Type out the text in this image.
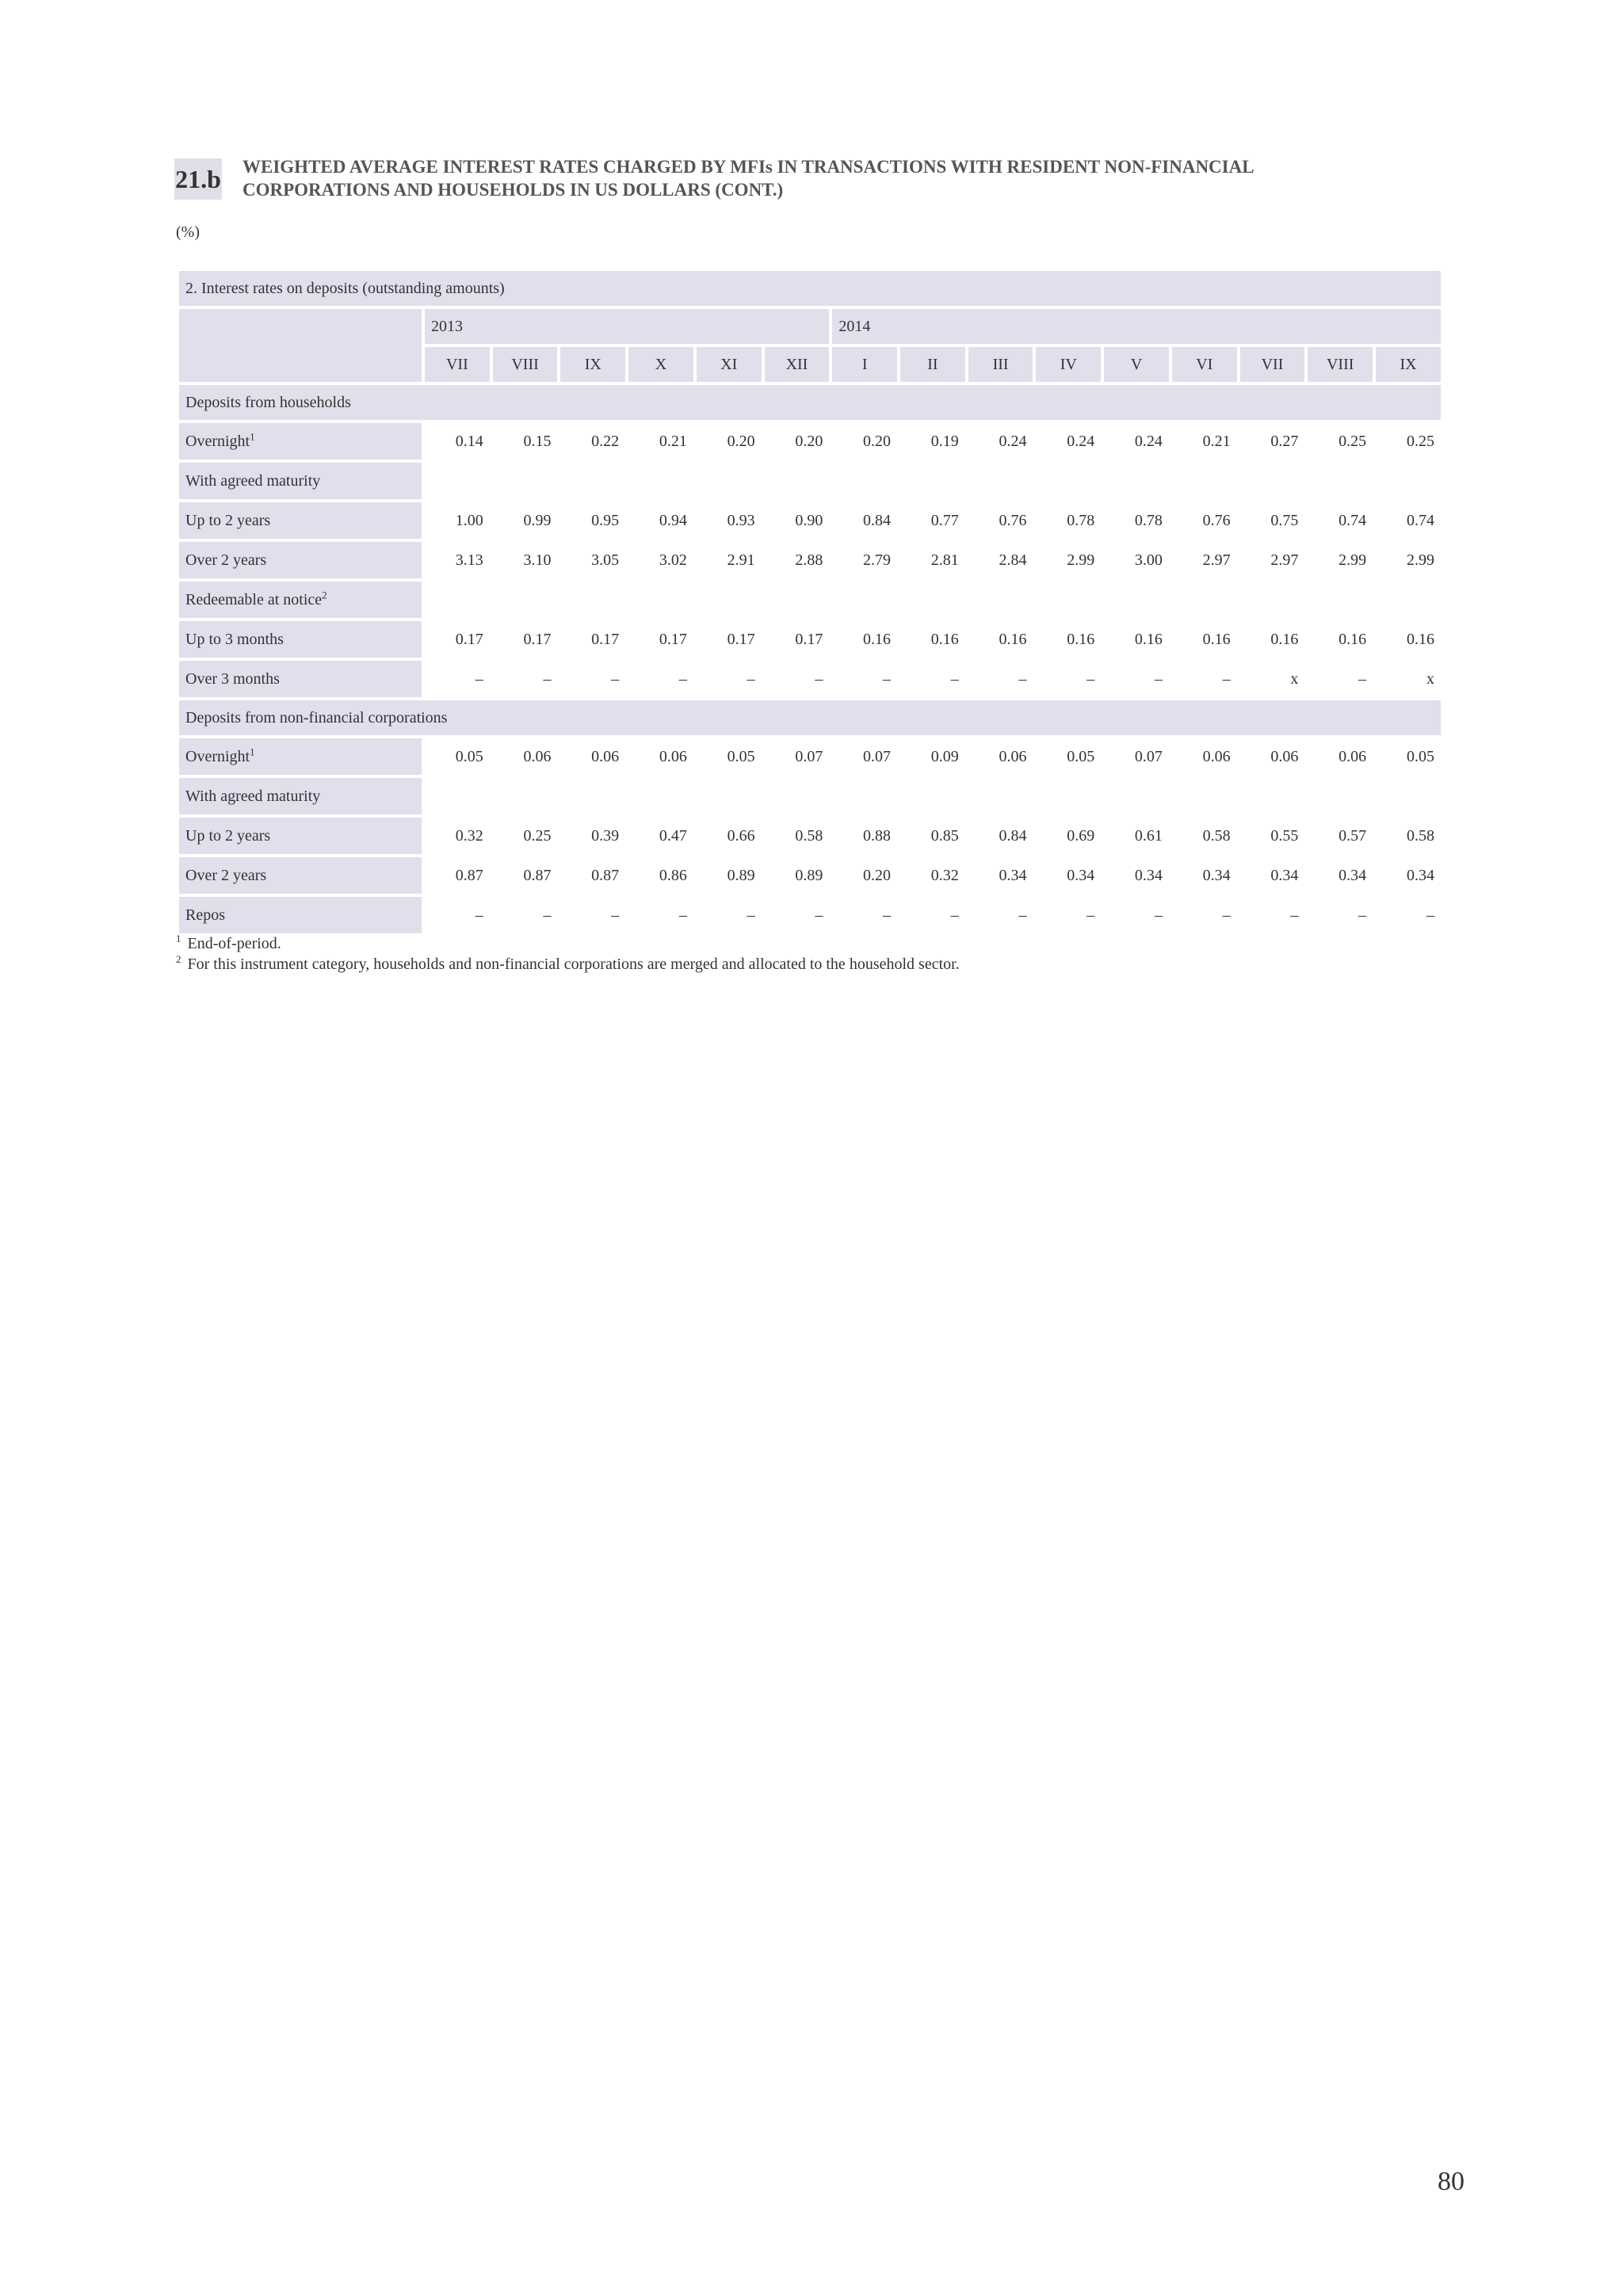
21.b WEIGHTED AVERAGE INTEREST RATES CHARGED BY MFIs IN TRANSACTIONS WITH RESIDENT NON-FINANCIAL
CORPORATIONS AND HOUSEHOLDS IN US DOLLARS (CONT.)
(%)
2. Interest rates on deposits (outstanding amounts)															
	2013						2014								
	VII	VIII	IX	X	XI	XII	I	II	III	IV	V	VI	VII	VIII	IX
Deposits from households															
Overnight$^1$	0.14	0.15	0.22	0.21	0.20	0.20	0.20	0.19	0.24	0.24	0.24	0.21	0.27	0.25	0.25
With agreed maturity															
Up to 2 years	1.00	0.99	0.95	0.94	0.93	0.90	0.84	0.77	0.76	0.78	0.78	0.76	0.75	0.74	0.74
Over 2 years	3.13	3.10	3.05	3.02	2.91	2.88	2.79	2.81	2.84	2.99	3.00	2.97	2.97	2.99	2.99
Redeemable at notice$^2$															
Up to 3 months	0.17	0.17	0.17	0.17	0.17	0.17	0.16	0.16	0.16	0.16	0.16	0.16	0.16	0.16	0.16
Over 3 months	–	–	–	–	–	–	–	–	–	–	–	–	x	–	x
Deposits from non-financial corporations															
Overnight$^1$	0.05	0.06	0.06	0.06	0.05	0.07	0.07	0.09	0.06	0.05	0.07	0.06	0.06	0.06	0.05
With agreed maturity															
Up to 2 years	0.32	0.25	0.39	0.47	0.66	0.58	0.88	0.85	0.84	0.69	0.61	0.58	0.55	0.57	0.58
Over 2 years	0.87	0.87	0.87	0.86	0.89	0.89	0.20	0.32	0.34	0.34	0.34	0.34	0.34	0.34	0.34
Repos	–	–	–	–	–	–	–	–	–	–	–	–	–	–	–
$^1$ End-of-period.
$^2$ For this instrument category, households and non-financial corporations are merged and allocated to the household sector.
80
